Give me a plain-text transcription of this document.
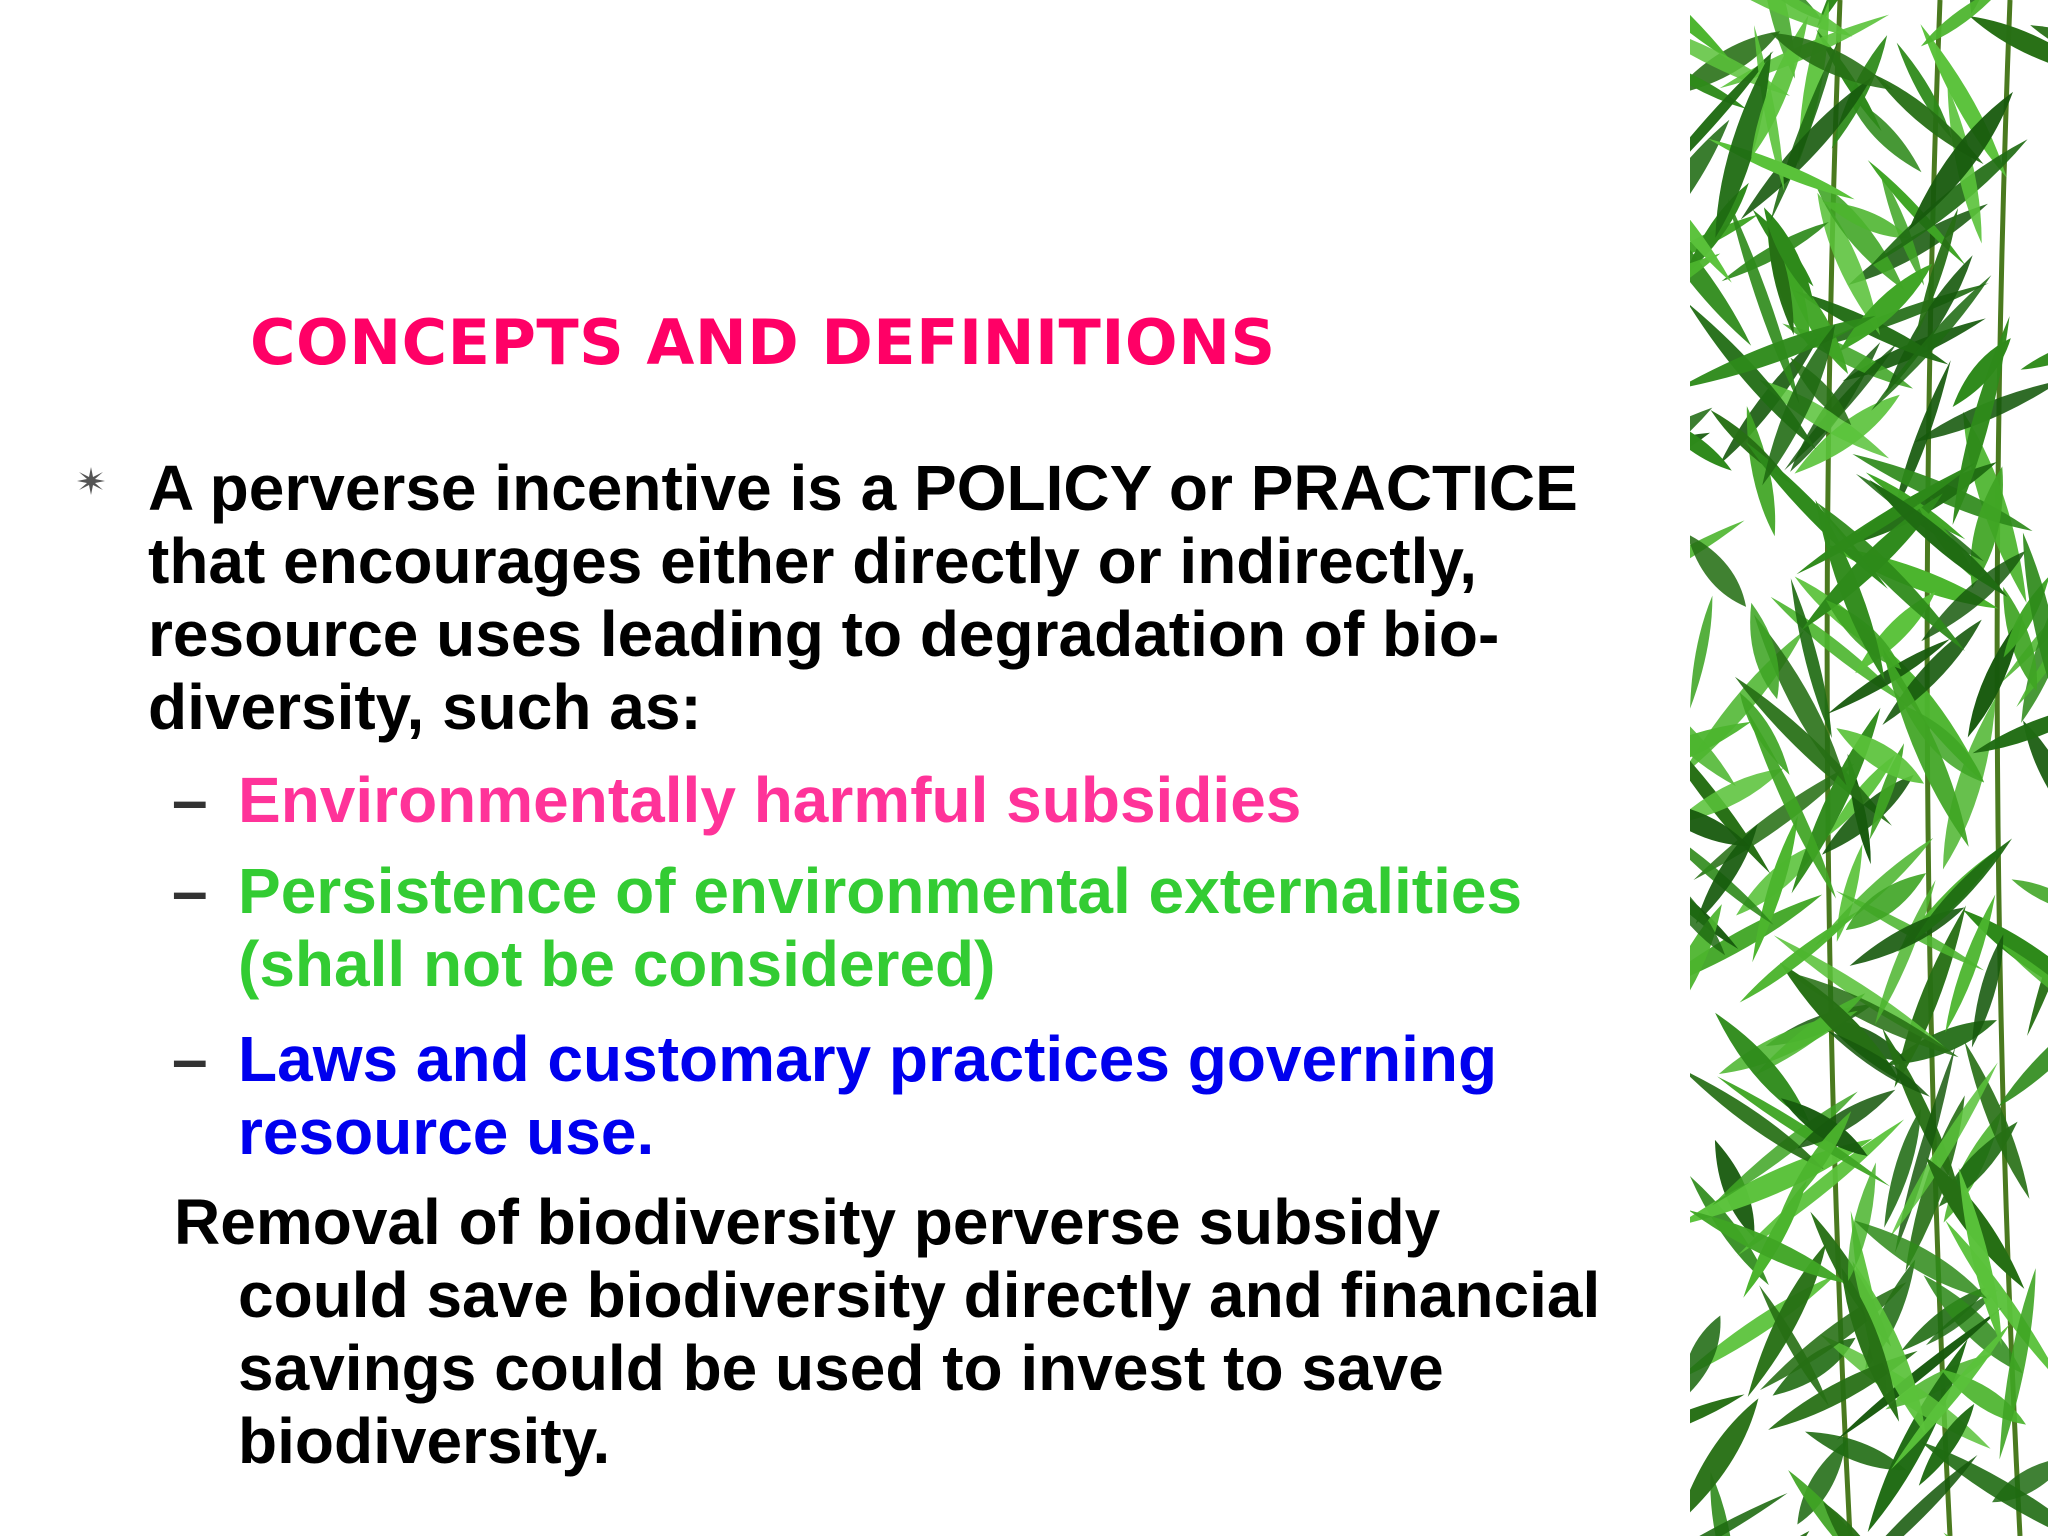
CONCEPTS AND DEFINITIONS
A perverse incentive is a POLICY or PRACTICE
that encourages either directly or indirectly,
resource uses leading to degradation of bio-
diversity, such as:
– Environmentally harmful subsidies
– Persistence of environmental externalities
(shall not be considered)
– Laws and customary practices governing
resource use.
Removal of biodiversity perverse subsidy
could save biodiversity directly and financial
savings could be used to invest to save
biodiversity.
